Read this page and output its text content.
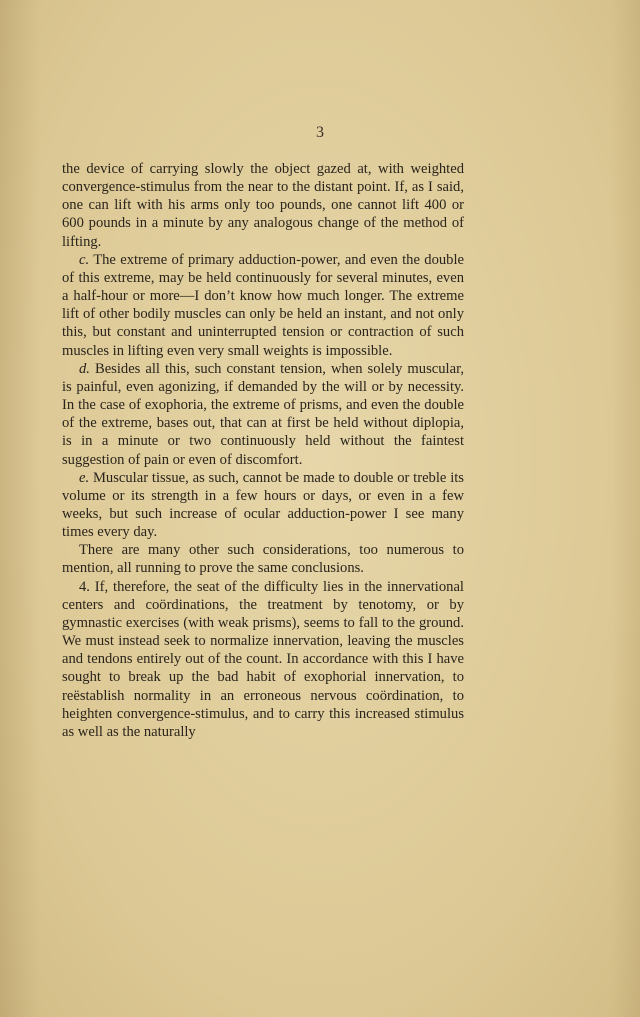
3

the device of carrying slowly the object gazed at, with weighted convergence-stimulus from the near to the distant point. If, as I said, one can lift with his arms only too pounds, one cannot lift 400 or 600 pounds in a minute by any analogous change of the method of lifting.

c. The extreme of primary adduction-power, and even the double of this extreme, may be held continuously for several minutes, even a half-hour or more—I don’t know how much longer. The extreme lift of other bodily muscles can only be held an instant, and not only this, but constant and uninterrupted tension or contraction of such muscles in lifting even very small weights is impossible.

d. Besides all this, such constant tension, when solely muscular, is painful, even agonizing, if demanded by the will or by necessity. In the case of exophoria, the extreme of prisms, and even the double of the extreme, bases out, that can at first be held without diplopia, is in a minute or two continuously held without the faintest suggestion of pain or even of discomfort.

e. Muscular tissue, as such, cannot be made to double or treble its volume or its strength in a few hours or days, or even in a few weeks, but such increase of ocular adduction-power I see many times every day.

There are many other such considerations, too numerous to mention, all running to prove the same conclusions.

4. If, therefore, the seat of the difficulty lies in the innervational centers and coördinations, the treatment by tenotomy, or by gymnastic exercises (with weak prisms), seems to fall to the ground. We must instead seek to normalize innervation, leaving the muscles and tendons entirely out of the count. In accordance with this I have sought to break up the bad habit of exophorial innervation, to reëstablish normality in an erroneous nervous coördination, to heighten convergence-stimulus, and to carry this increased stimulus as well as the naturally
